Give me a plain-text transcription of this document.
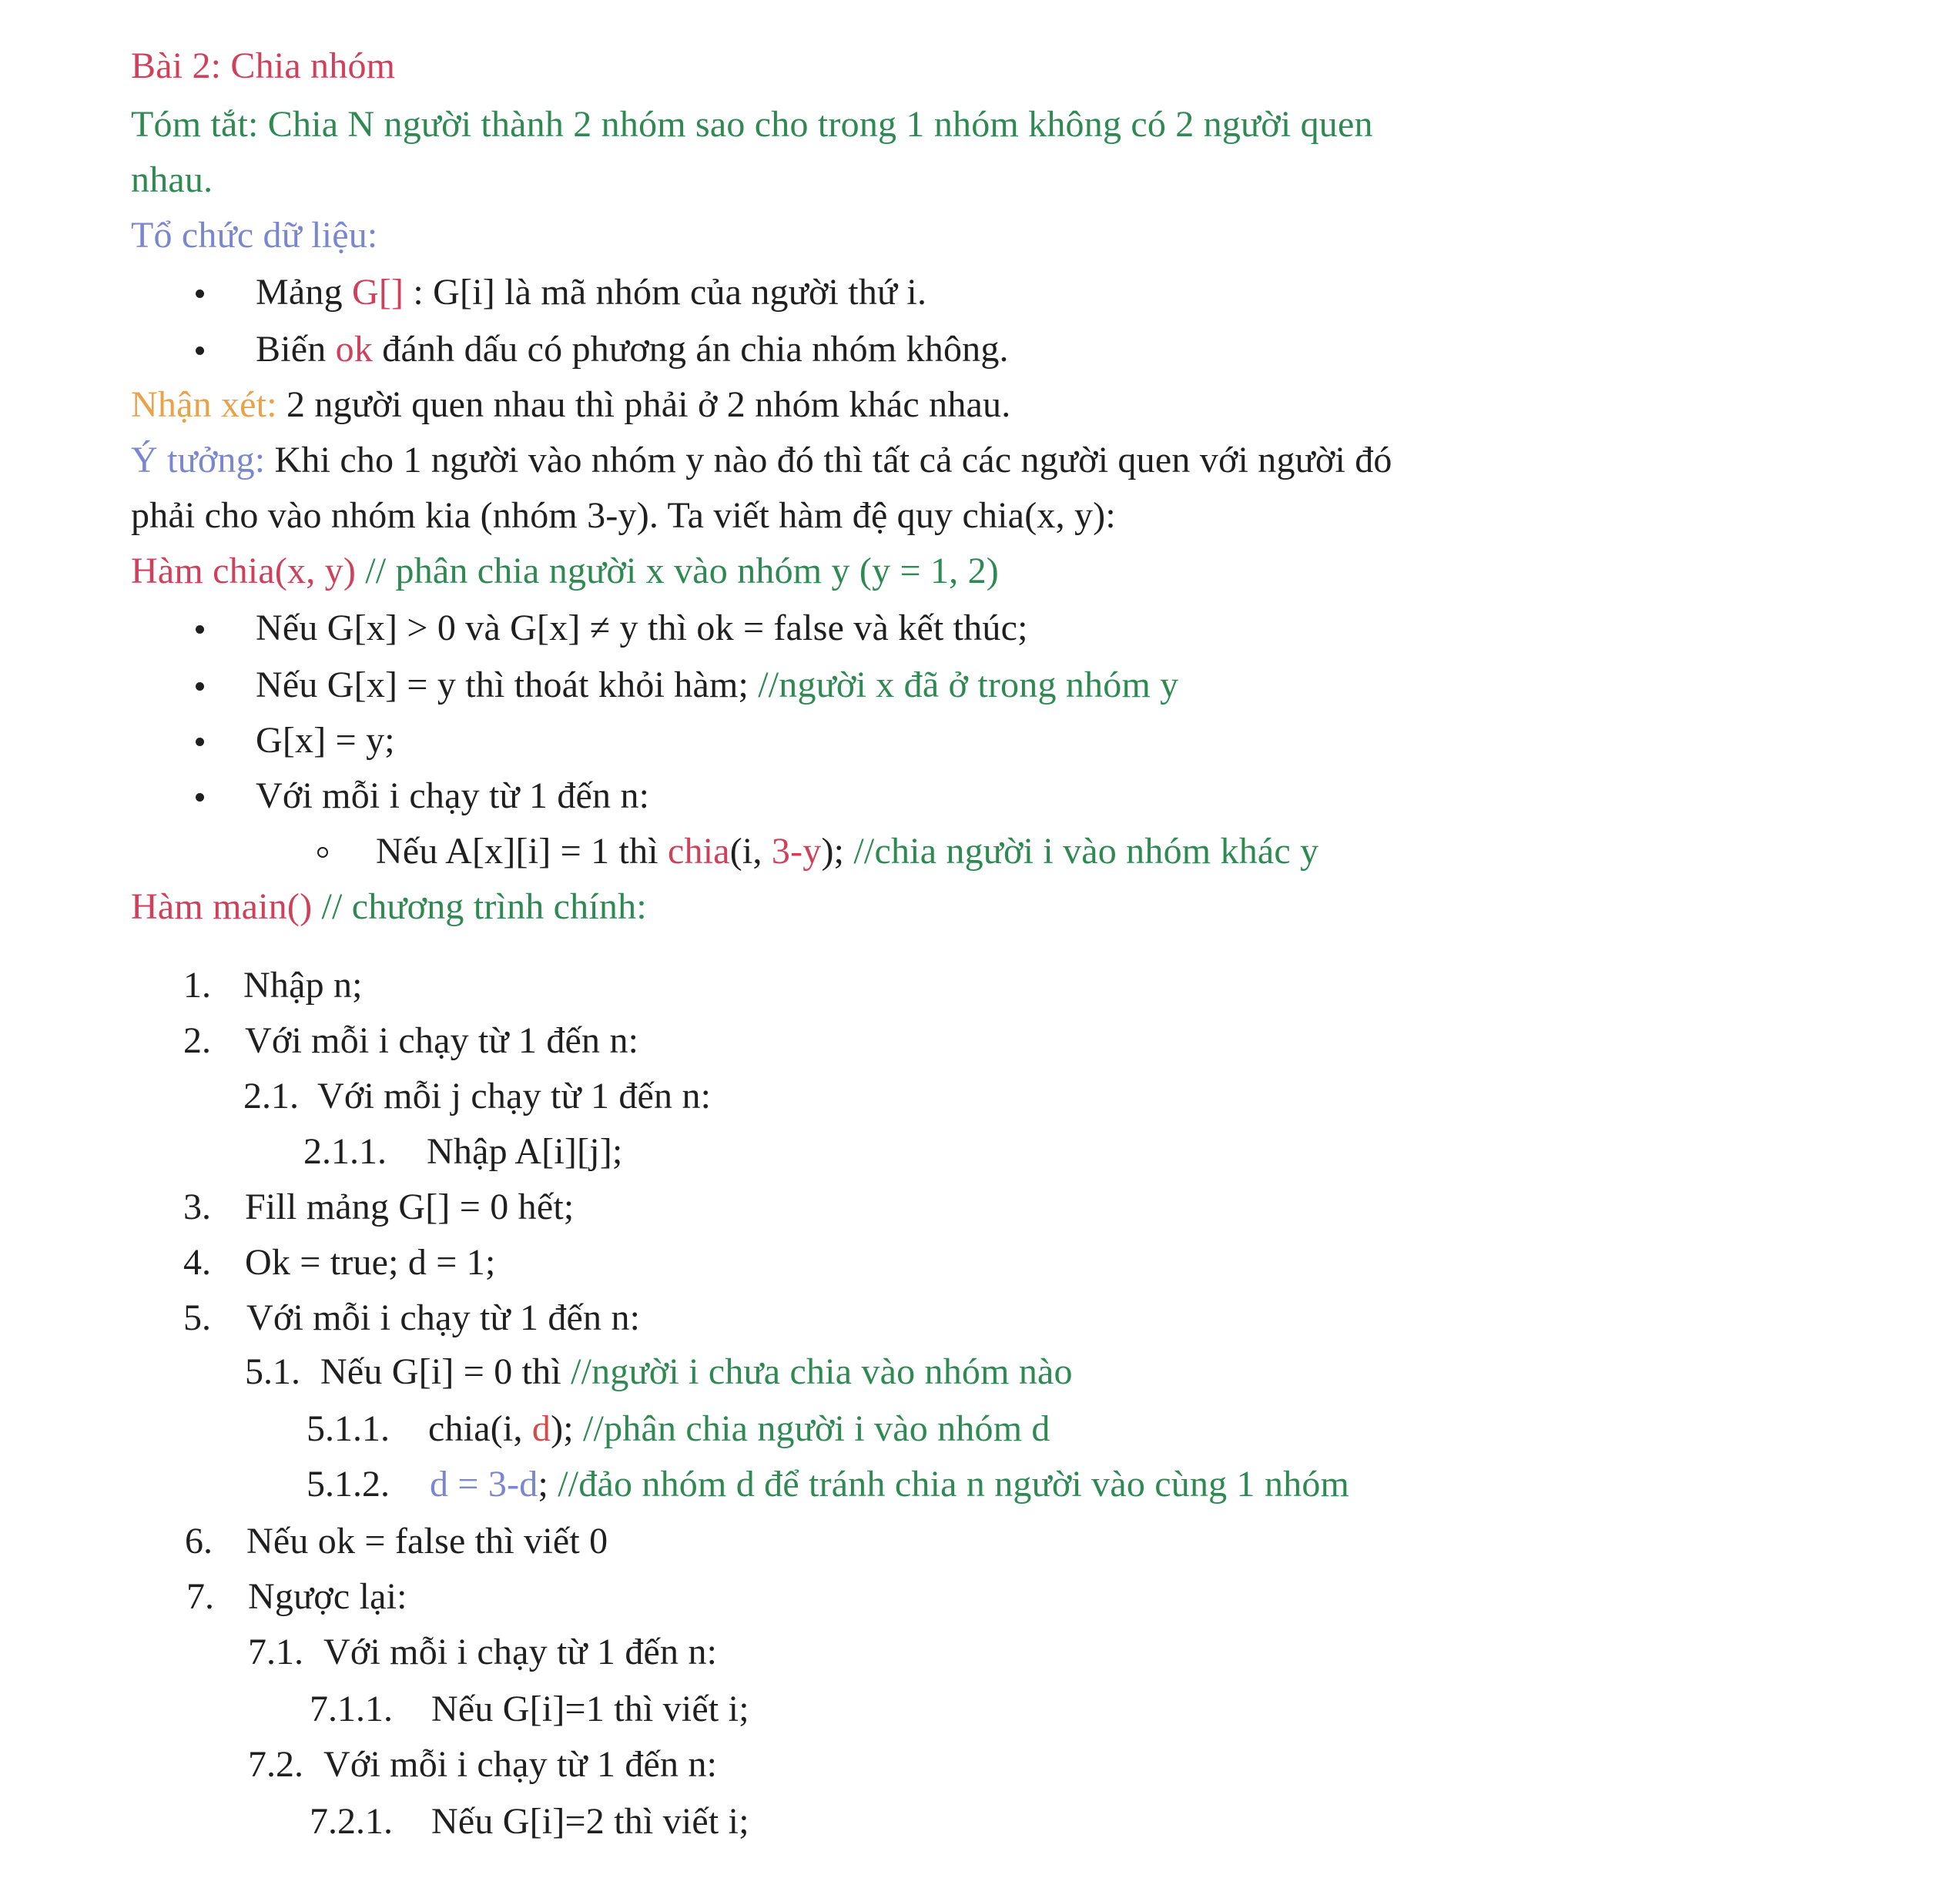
Bài 2: Chia nhóm
Tóm tắt: Chia N người thành 2 nhóm sao cho trong 1 nhóm không có 2 người quen
nhau.
Tổ chức dữ liệu:
Mảng G[] : G[i] là mã nhóm của người thứ i.
Biến ok đánh dấu có phương án chia nhóm không.
Nhận xét: 2 người quen nhau thì phải ở 2 nhóm khác nhau.
Ý tưởng: Khi cho 1 người vào nhóm y nào đó thì tất cả các người quen với người đó
phải cho vào nhóm kia (nhóm 3-y). Ta viết hàm đệ quy chia(x, y):
Hàm chia(x, y) // phân chia người x vào nhóm y (y = 1, 2)
Nếu G[x] > 0 và G[x] ≠ y thì ok = false và kết thúc;
Nếu G[x] = y thì thoát khỏi hàm; //người x đã ở trong nhóm y
G[x] = y;
Với mỗi i chạy từ 1 đến n:
Nếu A[x][i] = 1 thì chia(i, 3-y); //chia người i vào nhóm khác y
Hàm main() // chương trình chính:
1. Nhập n;
2. Với mỗi i chạy từ 1 đến n:
2.1. Với mỗi j chạy từ 1 đến n:
2.1.1. Nhập A[i][j];
3. Fill mảng G[] = 0 hết;
4. Ok = true; d = 1;
5. Với mỗi i chạy từ 1 đến n:
5.1. Nếu G[i] = 0 thì //người i chưa chia vào nhóm nào
5.1.1. chia(i, d); //phân chia người i vào nhóm d
5.1.2. d = 3-d; //đảo nhóm d để tránh chia n người vào cùng 1 nhóm
6. Nếu ok = false thì viết 0
7. Ngược lại:
7.1. Với mỗi i chạy từ 1 đến n:
7.1.1. Nếu G[i]=1 thì viết i;
7.2. Với mỗi i chạy từ 1 đến n:
7.2.1. Nếu G[i]=2 thì viết i;
